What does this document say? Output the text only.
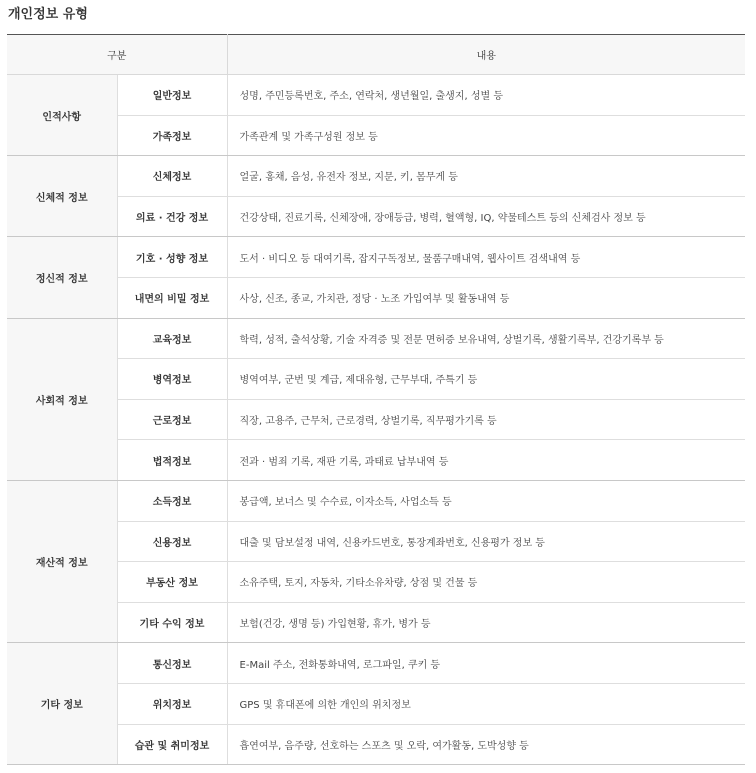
개인정보 유형
구분		내용
인적사항	일반정보	성명, 주민등록번호, 주소, 연락처, 생년월일, 출생지, 성별 등
	가족정보	가족관계 및 가족구성원 정보 등
신체적 정보	신체정보	얼굴, 홍채, 음성, 유전자 정보, 지문, 키, 몸무게 등
	의료 · 건강 정보	건강상태, 진료기록, 신체장애, 장애등급, 병력, 혈액형, IQ, 약물테스트 등의 신체검사 정보 등
정신적 정보	기호 · 성향 정보	도서 · 비디오 등 대여기록, 잡지구독정보, 물품구매내역, 웹사이트 검색내역 등
	내면의 비밀 정보	사상, 신조, 종교, 가치관, 정당 · 노조 가입여부 및 활동내역 등
사회적 정보	교육정보	학력, 성적, 출석상황, 기술 자격증 및 전문 면허증 보유내역, 상벌기록, 생활기록부, 건강기록부 등
	병역정보	병역여부, 군번 및 계급, 제대유형, 근무부대, 주특기 등
	근로정보	직장, 고용주, 근무처, 근로경력, 상벌기록, 직무평가기록 등
	법적정보	전과 · 범죄 기록, 재판 기록, 과태료 납부내역 등
재산적 정보	소득정보	봉급액, 보너스 및 수수료, 이자소득, 사업소득 등
	신용정보	대출 및 담보설정 내역, 신용카드번호, 통장계좌번호, 신용평가 정보 등
	부동산 정보	소유주택, 토지, 자동차, 기타소유차량, 상점 및 건물 등
	기타 수익 정보	보험(건강, 생명 등) 가입현황, 휴가, 병가 등
기타 정보	통신정보	E-Mail 주소, 전화통화내역, 로그파일, 쿠키 등
	위치정보	GPS 및 휴대폰에 의한 개인의 위치정보
	습관 및 취미정보	흡연여부, 음주량, 선호하는 스포츠 및 오락, 여가활동, 도박성향 등
